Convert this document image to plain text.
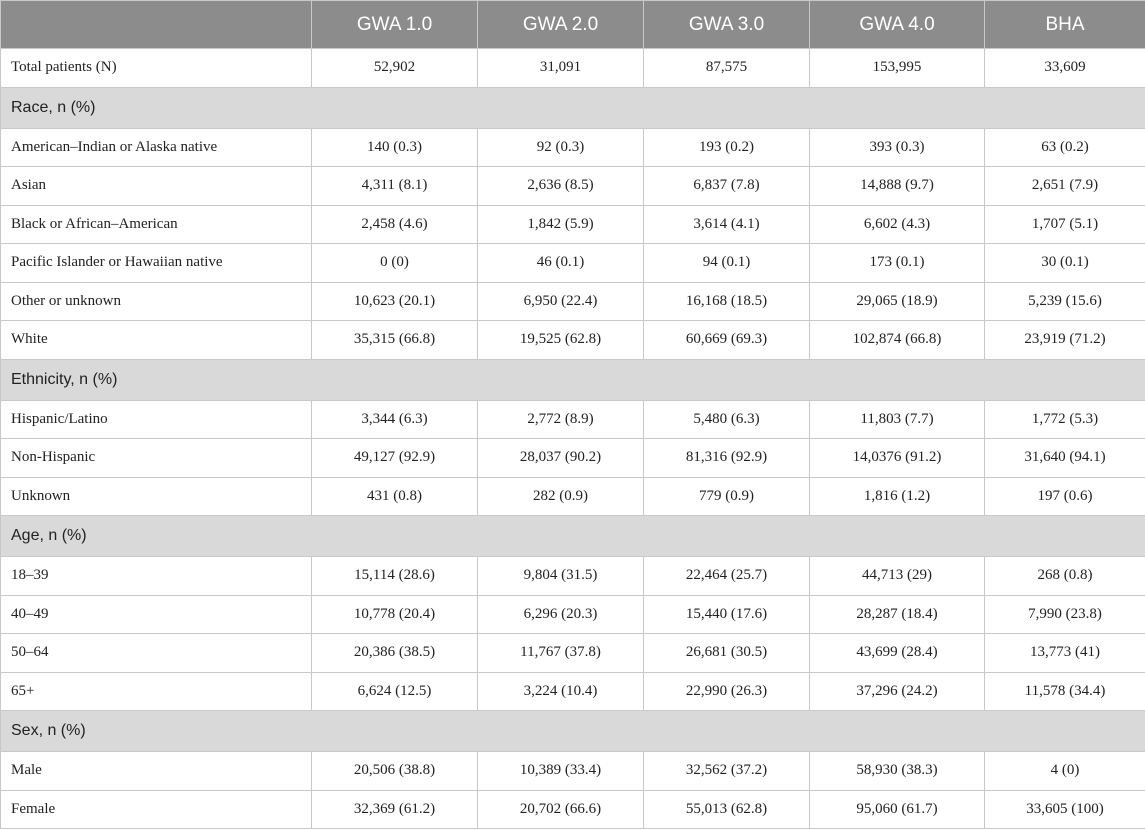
	GWA 1.0	GWA 2.0	GWA 3.0	GWA 4.0	BHA
Total patients (N)	52,902	31,091	87,575	153,995	33,609
Race, n (%)					
American–Indian or Alaska native	140 (0.3)	92 (0.3)	193 (0.2)	393 (0.3)	63 (0.2)
Asian	4,311 (8.1)	2,636 (8.5)	6,837 (7.8)	14,888 (9.7)	2,651 (7.9)
Black or African–American	2,458 (4.6)	1,842 (5.9)	3,614 (4.1)	6,602 (4.3)	1,707 (5.1)
Pacific Islander or Hawaiian native	0 (0)	46 (0.1)	94 (0.1)	173 (0.1)	30 (0.1)
Other or unknown	10,623 (20.1)	6,950 (22.4)	16,168 (18.5)	29,065 (18.9)	5,239 (15.6)
White	35,315 (66.8)	19,525 (62.8)	60,669 (69.3)	102,874 (66.8)	23,919 (71.2)
Ethnicity, n (%)					
Hispanic/Latino	3,344 (6.3)	2,772 (8.9)	5,480 (6.3)	11,803 (7.7)	1,772 (5.3)
Non-Hispanic	49,127 (92.9)	28,037 (90.2)	81,316 (92.9)	14,0376 (91.2)	31,640 (94.1)
Unknown	431 (0.8)	282 (0.9)	779 (0.9)	1,816 (1.2)	197 (0.6)
Age, n (%)					
18–39	15,114 (28.6)	9,804 (31.5)	22,464 (25.7)	44,713 (29)	268 (0.8)
40–49	10,778 (20.4)	6,296 (20.3)	15,440 (17.6)	28,287 (18.4)	7,990 (23.8)
50–64	20,386 (38.5)	11,767 (37.8)	26,681 (30.5)	43,699 (28.4)	13,773 (41)
65+	6,624 (12.5)	3,224 (10.4)	22,990 (26.3)	37,296 (24.2)	11,578 (34.4)
Sex, n (%)					
Male	20,506 (38.8)	10,389 (33.4)	32,562 (37.2)	58,930 (38.3)	4 (0)
Female	32,369 (61.2)	20,702 (66.6)	55,013 (62.8)	95,060 (61.7)	33,605 (100)
